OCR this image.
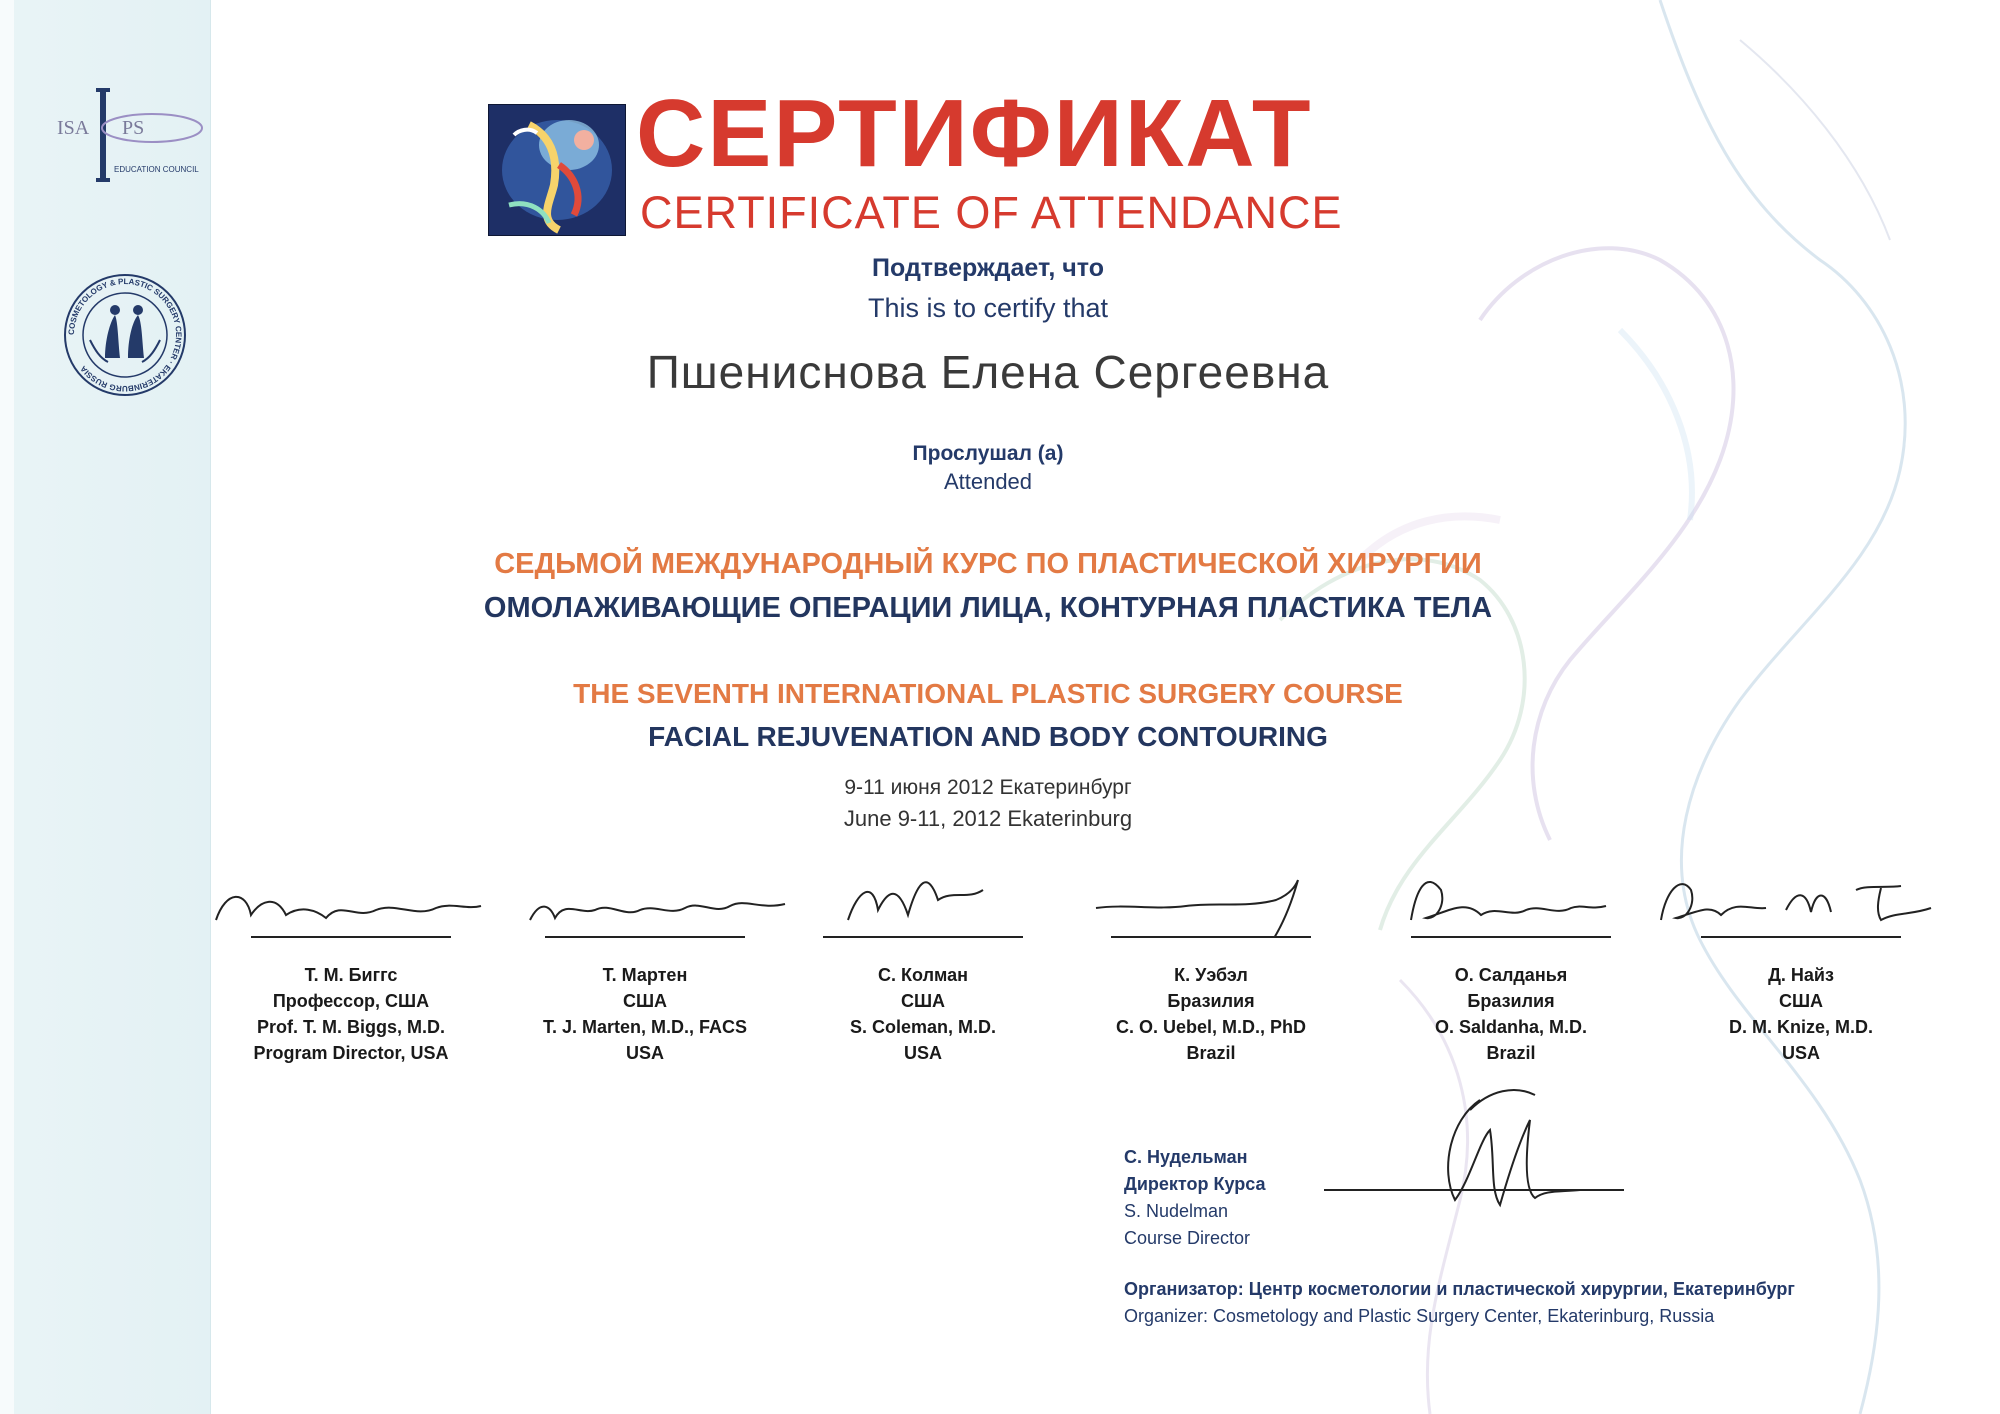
ISA PS
EDUCATION COUNCIL
COSMETOLOGY & PLASTIC SURGERY CENTER · EKATERINBURG RUSSIA
СЕРТИФИКАТ
CERTIFICATE OF ATTENDANCE
Подтверждает, что
This is to certify that
Пшениснова Елена Сергеевна
Прослушал (а)
Attended
СЕДЬМОЙ МЕЖДУНАРОДНЫЙ КУРС ПО ПЛАСТИЧЕСКОЙ ХИРУРГИИ
ОМОЛАЖИВАЮЩИЕ ОПЕРАЦИИ ЛИЦА, КОНТУРНАЯ ПЛАСТИКА ТЕЛА
THE SEVENTH INTERNATIONAL PLASTIC SURGERY COURSE
FACIAL REJUVENATION AND BODY CONTOURING
9-11 июня 2012 Екатеринбург
June 9-11, 2012 Ekaterinburg
Т. М. Биггс
Профессор, США
Prof. T. M. Biggs, M.D.
Program Director, USA
Т. Мартен
США
T. J. Marten, M.D., FACS
USA
С. Колман
США
S. Coleman, M.D.
USA
К. Уэбэл
Бразилия
C. O. Uebel, M.D., PhD
Brazil
О. Салданья
Бразилия
O. Saldanha, M.D.
Brazil
Д. Найз
США
D. M. Knize, M.D.
USA
С. Нудельман
Директор Курса
S. Nudelman
Course Director
Организатор: Центр косметологии и пластической хирургии, Екатеринбург
Organizer: Cosmetology and Plastic Surgery Center, Ekaterinburg, Russia
